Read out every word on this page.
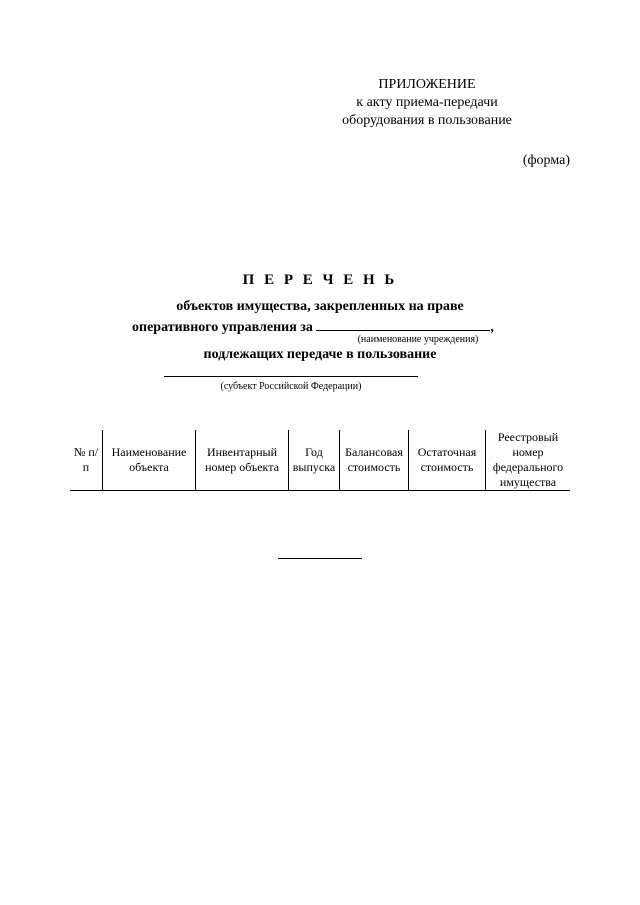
ПРИЛОЖЕНИЕ
к акту приема-передачи
оборудования в пользование
(форма)
П Е Р Е Ч Е Н Ь
объектов имущества, закрепленных на праве
оперативного управления за	,
(наименование учреждения)
подлежащих передаче в пользование
(субъект Российской Федерации)
№ п/п	Наименование объекта	Инвентарный номер объекта	Год выпуска	Балансовая стоимость	Остаточная стоимость	Реестровый номер федерального имущества
